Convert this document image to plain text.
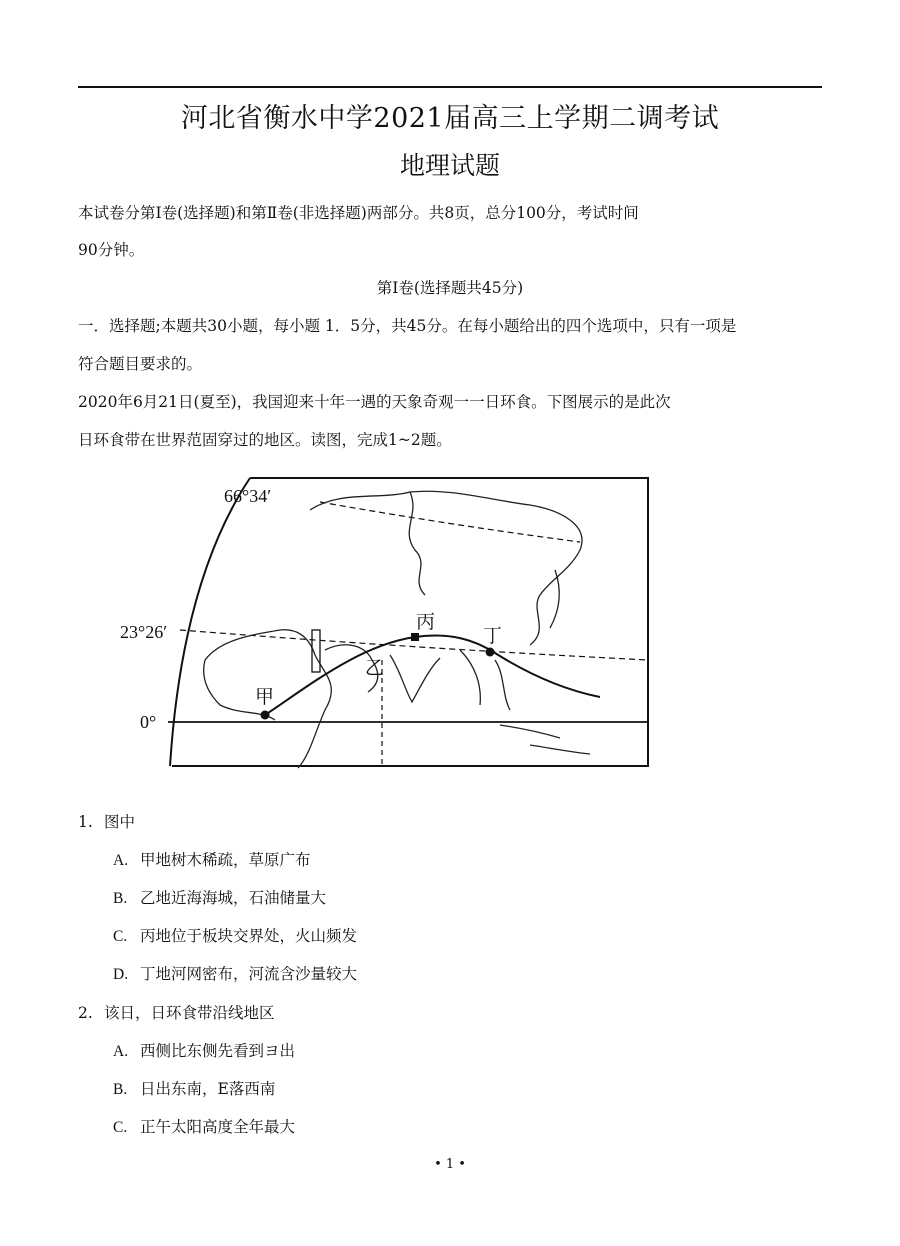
河北省衡水中学2021届高三上学期二调考试
地理试题
本试卷分第Ⅰ卷(选择题)和第Ⅱ卷(非选择题)两部分。共8页，总分100分，考试时间
90分钟。
第Ⅰ卷(选择题共45分)
一．选择题;本题共30小题，每小题 1．5分，共45分。在每小题给出的四个选项中，只有一项是
符合题目要求的。
2020年6月21日(夏至)，我国迎来十年一遇的天象奇观一一日环食。下图展示的是此次
日环食带在世界范固穿过的地区。读图，完成1~2题。
66°34′
23°26′
0°
甲
乙
丙
丁
1. 图中
A. 甲地树木稀疏，草原广布
B. 乙地近海海城，石油储量大
C. 丙地位于板块交界处，火山频发
D. 丁地河网密布，河流含沙量较大
2. 该日，日环食带沿线地区
A. 西侧比东侧先看到ヨ出
B. 日出东南，E落西南
C. 正午太阳高度全年最大
• 1 •
